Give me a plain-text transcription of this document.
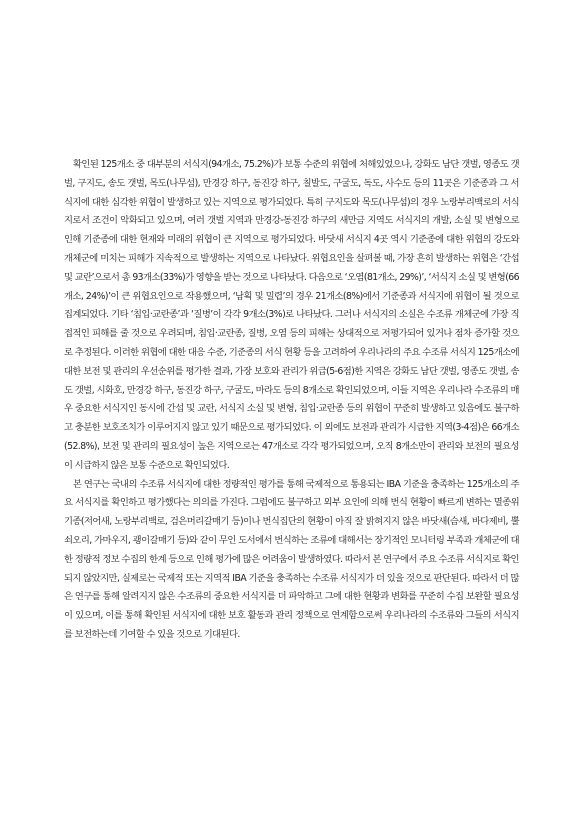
확인된 125개소 중 대부분의 서식지(94개소, 75.2%)가 보통 수준의 위협에 처해있었으나, 강화도 남단 갯벌, 영종도 갯벌, 구지도, 송도 갯벌, 목도(나무섬), 만경강 하구, 동진강 하구, 칠발도, 구굴도, 독도, 사수도 등의 11곳은 기준종과 그 서식지에 대한 심각한 위협이 발생하고 있는 지역으로 평가되었다. 특히 구지도와 목도(나무섬)의 경우 노랑부리백로의 서식지로서 조건이 악화되고 있으며, 여러 갯벌 지역과 만경강-동진강 하구의 새만금 지역도 서식지의 개발, 소실 및 변형으로 인해 기준종에 대한 현재와 미래의 위협이 큰 지역으로 평가되었다. 바닷새 서식지 4곳 역시 기준종에 대한 위협의 강도와 개체군에 미치는 피해가 지속적으로 발생하는 지역으로 나타났다. 위협요인을 살펴볼 때, 가장 흔히 발생하는 위협은 ‘간섭 및 교란’으로서 총 93개소(33%)가 영향을 받는 것으로 나타났다. 다음으로 ‘오염(81개소, 29%)’, ‘서식지 소실 및 변형(66개소, 24%)’이 큰 위협요인으로 작용했으며, ‘남획 및 밀렵’의 경우 21개소(8%)에서 기준종과 서식지에 위협이 될 것으로 집계되었다. 기타 ‘침입·교란종’과 ‘질병’이 각각 9개소(3%)로 나타났다. 그러나 서식지의 소실은 수조류 개체군에 가장 직접적인 피해를 줄 것으로 우려되며, 침입·교란종, 질병, 오염 등의 피해는 상대적으로 저평가되어 있거나 점차 증가할 것으로 추정된다. 이러한 위협에 대한 대응 수준, 기준종의 서식 현황 등을 고려하여 우리나라의 주요 수조류 서식지 125개소에 대한 보전 및 관리의 우선순위를 평가한 결과, 가장 보호와 관리가 위급(5-6점)한 지역은 강화도 남단 갯벌, 영종도 갯벌, 송도 갯벌, 시화호, 만경강 하구, 동진강 하구, 구굴도, 마라도 등의 8개소로 확인되었으며, 이들 지역은 우리나라 수조류의 매우 중요한 서식지인 동시에 간섭 및 교란, 서식지 소실 및 변형, 침입·교란종 등의 위협이 꾸준히 발생하고 있음에도 불구하고 충분한 보호조치가 이루어지지 않고 있기 때문으로 평가되었다. 이 외에도 보전과 관리가 시급한 지역(3-4점)은 66개소(52.8%), 보전 및 관리의 필요성이 높은 지역으로는 47개소로 각각 평가되었으며, 오직 8개소만이 관리와 보전의 필요성이 시급하지 않은 보통 수준으로 확인되었다.

본 연구는 국내의 수조류 서식지에 대한 정량적인 평가를 통해 국제적으로 통용되는 IBA 기준을 충족하는 125개소의 주요 서식지를 확인하고 평가했다는 의의를 가진다. 그럼에도 불구하고 외부 요인에 의해 번식 현황이 빠르게 변하는 멸종위기종(저어새, 노랑부리백로, 검은머리갈매기 등)이나 번식집단의 현황이 아직 잘 밝혀지지 않은 바닷새(슴새, 바다제비, 뿔쇠오리, 가마우지, 괭이갈매기 등)와 같이 무인 도서에서 번식하는 조류에 대해서는 장기적인 모니터링 부족과 개체군에 대한 정량적 정보 수집의 한계 등으로 인해 평가에 많은 어려움이 발생하였다. 따라서 본 연구에서 주요 수조류 서식지로 확인되지 않았지만, 실제로는 국제적 또는 지역적 IBA 기준을 충족하는 수조류 서식지가 더 있을 것으로 판단된다. 따라서 더 많은 연구를 통해 알려지지 않은 수조류의 중요한 서식지를 더 파악하고 그에 대한 현황과 변화를 꾸준히 수집 보완할 필요성이 있으며, 이를 통해 확인된 서식지에 대한 보호 활동과 관리 정책으로 연계함으로써 우리나라의 수조류와 그들의 서식지를 보전하는데 기여할 수 있을 것으로 기대된다.
